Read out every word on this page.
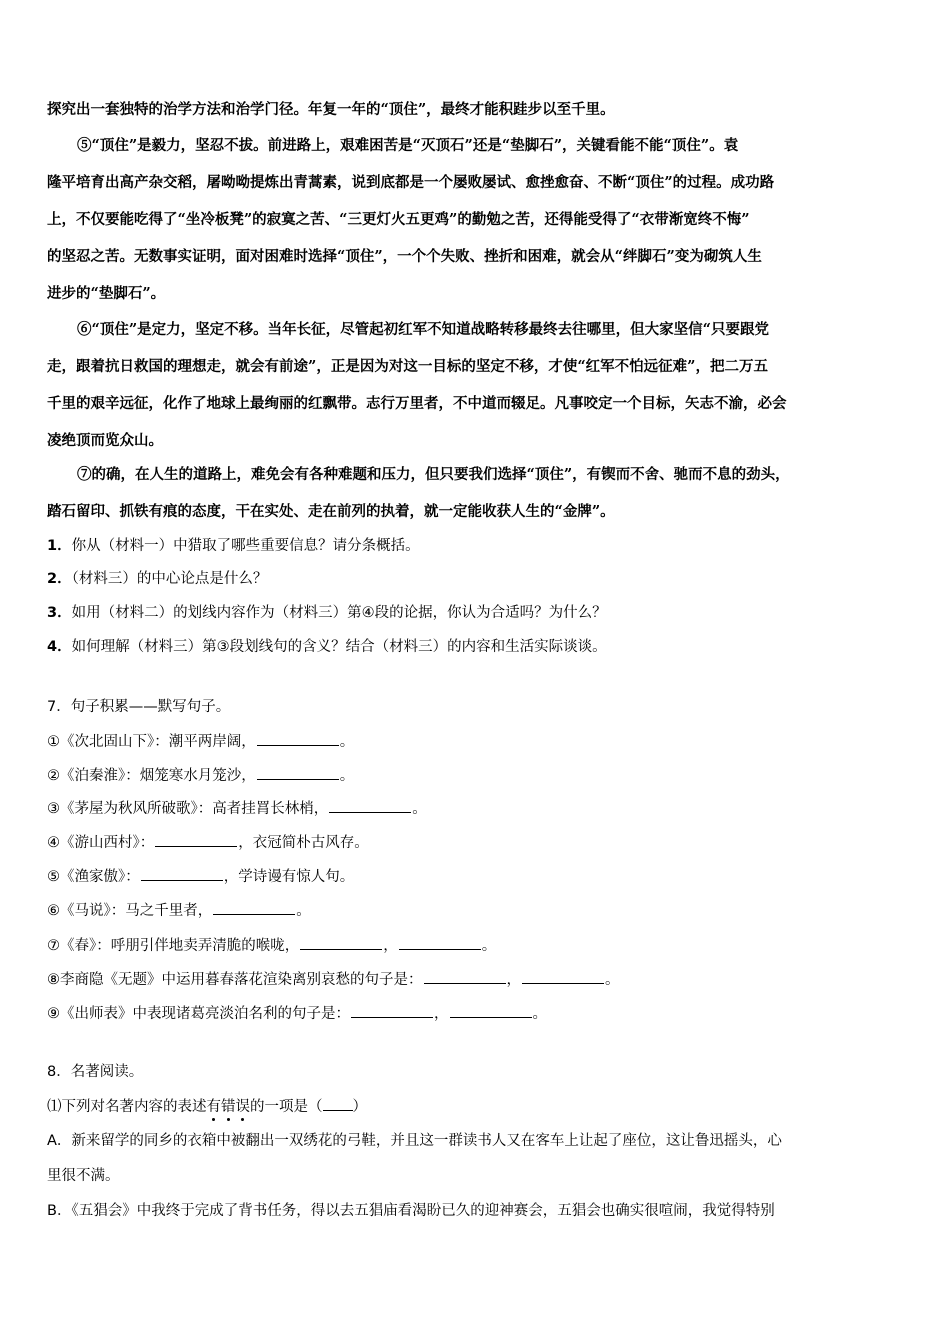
探究出一套独特的治学方法和治学门径。年复一年的“顶住”，最终才能积跬步以至千里。
⑤“顶住”是毅力，坚忍不拔。前进路上，艰难困苦是“灭顶石”还是“垫脚石”，关键看能不能“顶住”。袁
隆平培育出高产杂交稻，屠呦呦提炼出青蒿素，说到底都是一个屡败屡试、愈挫愈奋、不断“顶住”的过程。成功路
上，不仅要能吃得了“坐冷板凳”的寂寞之苦、“三更灯火五更鸡”的勤勉之苦，还得能受得了“衣带渐宽终不悔”
的坚忍之苦。无数事实证明，面对困难时选择“顶住”，一个个失败、挫折和困难，就会从“绊脚石”变为砌筑人生
进步的“垫脚石”。
⑥“顶住”是定力，坚定不移。当年长征，尽管起初红军不知道战略转移最终去往哪里，但大家坚信“只要跟党
走，跟着抗日救国的理想走，就会有前途”，正是因为对这一目标的坚定不移，才使“红军不怕远征难”，把二万五
千里的艰辛远征，化作了地球上最绚丽的红飘带。志行万里者，不中道而辍足。凡事咬定一个目标，矢志不渝，必会
凌绝顶而览众山。
⑦的确，在人生的道路上，难免会有各种难题和压力，但只要我们选择“顶住”，有锲而不舍、驰而不息的劲头，
踏石留印、抓铁有痕的态度，干在实处、走在前列的执着，就一定能收获人生的“金牌”。
1．你从（材料一）中猎取了哪些重要信息？请分条概括。
2．（材料三）的中心论点是什么？
3．如用（材料二）的划线内容作为（材料三）第④段的论据，你认为合适吗？为什么？
4．如何理解（材料三）第③段划线句的含义？结合（材料三）的内容和生活实际谈谈。
7．句子积累——默写句子。
①《次北固山下》：潮平两岸阔，	。
②《泊秦淮》：烟笼寒水月笼沙，	。
③《茅屋为秋风所破歌》：高者挂罥长林梢，	。
④《游山西村》：	，衣冠简朴古风存。
⑤《渔家傲》：	，学诗谩有惊人句。
⑥《马说》：马之千里者，	。
⑦《春》：呼朋引伴地卖弄清脆的喉咙，	，	。
⑧李商隐《无题》中运用暮春落花渲染离别哀愁的句子是：	，	。
⑨《出师表》中表现诸葛亮淡泊名利的句子是：	，	。
8．名著阅读。
⑴下列对名著内容的表述有错误的一项是（ ）
A．新来留学的同乡的衣箱中被翻出一双绣花的弓鞋，并且这一群读书人又在客车上让起了座位，这让鲁迅摇头，心
里很不满。
B．《五猖会》中我终于完成了背书任务，得以去五猖庙看渴盼已久的迎神赛会，五猖会也确实很喧闹，我觉得特别
